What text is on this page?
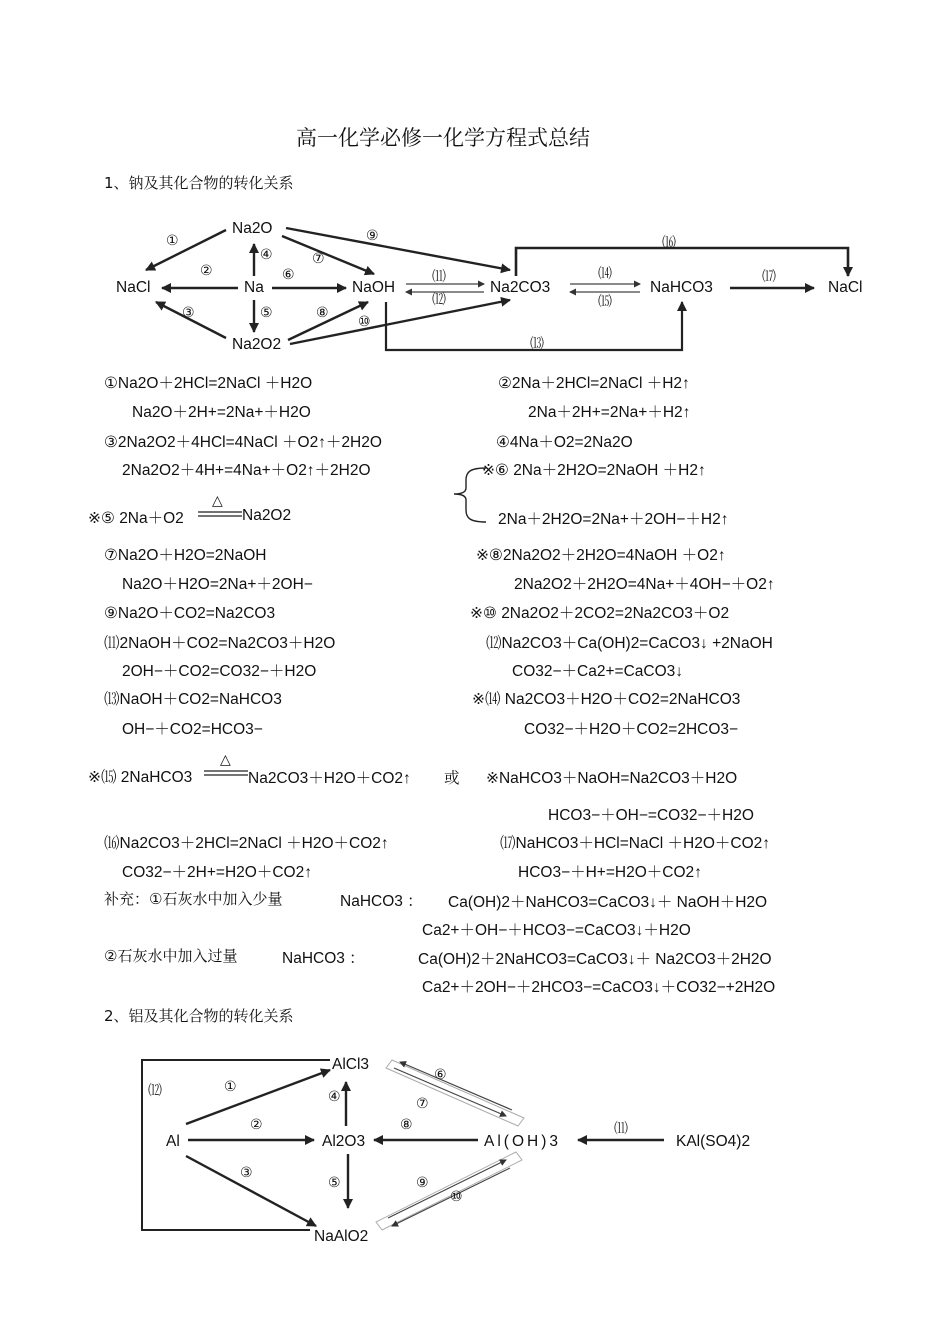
高一化学必修一化学方程式总结
1、钠及其化合物的转化关系
Na2O
NaCl	Na	NaOH	Na2CO3	NaHCO3	NaCl
Na2O2
①
②
③
④
⑤
⑥
⑦
⑧
⑨
⑩
⑾
⑿
⒀
⒁
⒂
⒃
⒄
①Na2O＋2HCl=2NaCl ＋H2O
Na2O＋2H+=2Na+＋H2O
②2Na＋2HCl=2NaCl ＋H2↑
2Na＋2H+=2Na+＋H2↑
③2Na2O2＋4HCl=4NaCl ＋O2↑＋2H2O
2Na2O2＋4H+=4Na+＋O2↑＋2H2O
④4Na＋O2=2Na2O
※⑥ 2Na＋2H2O=2NaOH ＋H2↑
2Na＋2H2O=2Na+＋2OH−＋H2↑
※⑤ 2Na＋O2
△
Na2O2
⑦Na2O＋H2O=2NaOH
Na2O＋H2O=2Na+＋2OH−
※⑧2Na2O2＋2H2O=4NaOH ＋O2↑
2Na2O2＋2H2O=4Na+＋4OH−＋O2↑
⑨Na2O＋CO2=Na2CO3	※⑩ 2Na2O2＋2CO2=2Na2CO3＋O2
⑾2NaOH＋CO2=Na2CO3＋H2O
2OH−＋CO2=CO32−＋H2O
⑿Na2CO3＋Ca(OH)2=CaCO3↓ +2NaOH
CO32−＋Ca2+=CaCO3↓
⒀NaOH＋CO2=NaHCO3
OH−＋CO2=HCO3−
※⒁ Na2CO3＋H2O＋CO2=2NaHCO3
CO32−＋H2O＋CO2=2HCO3−
※⒂ 2NaHCO3
△
Na2CO3＋H2O＋CO2↑ 或 ※NaHCO3＋NaOH=Na2CO3＋H2O
HCO3−＋OH−=CO32−＋H2O
⒃Na2CO3＋2HCl=2NaCl ＋H2O＋CO2↑
CO32−＋2H+=H2O＋CO2↑
⒄NaHCO3＋HCl=NaCl ＋H2O＋CO2↑
HCO3−＋H+=H2O＋CO2↑
补充：①石灰水中加入少量	NaHCO3 ： Ca(OH)2＋NaHCO3=CaCO3↓＋ NaOH＋H2O
Ca2+＋OH−＋HCO3−=CaCO3↓＋H2O
②石灰水中加入过量	NaHCO3 ：	Ca(OH)2＋2NaHCO3=CaCO3↓＋ Na2CO3＋2H2O
Ca2+＋2OH−＋2HCO3−=CaCO3↓＋CO32−+2H2O
2、铝及其化合物的转化关系
AlCl3
Al	Al2O3	Al(OH)3	KAl(SO4)2
NaAlO2
⑿	①
②
③
④
⑤
⑥
⑦
⑧
⑨
⑩
⑾
